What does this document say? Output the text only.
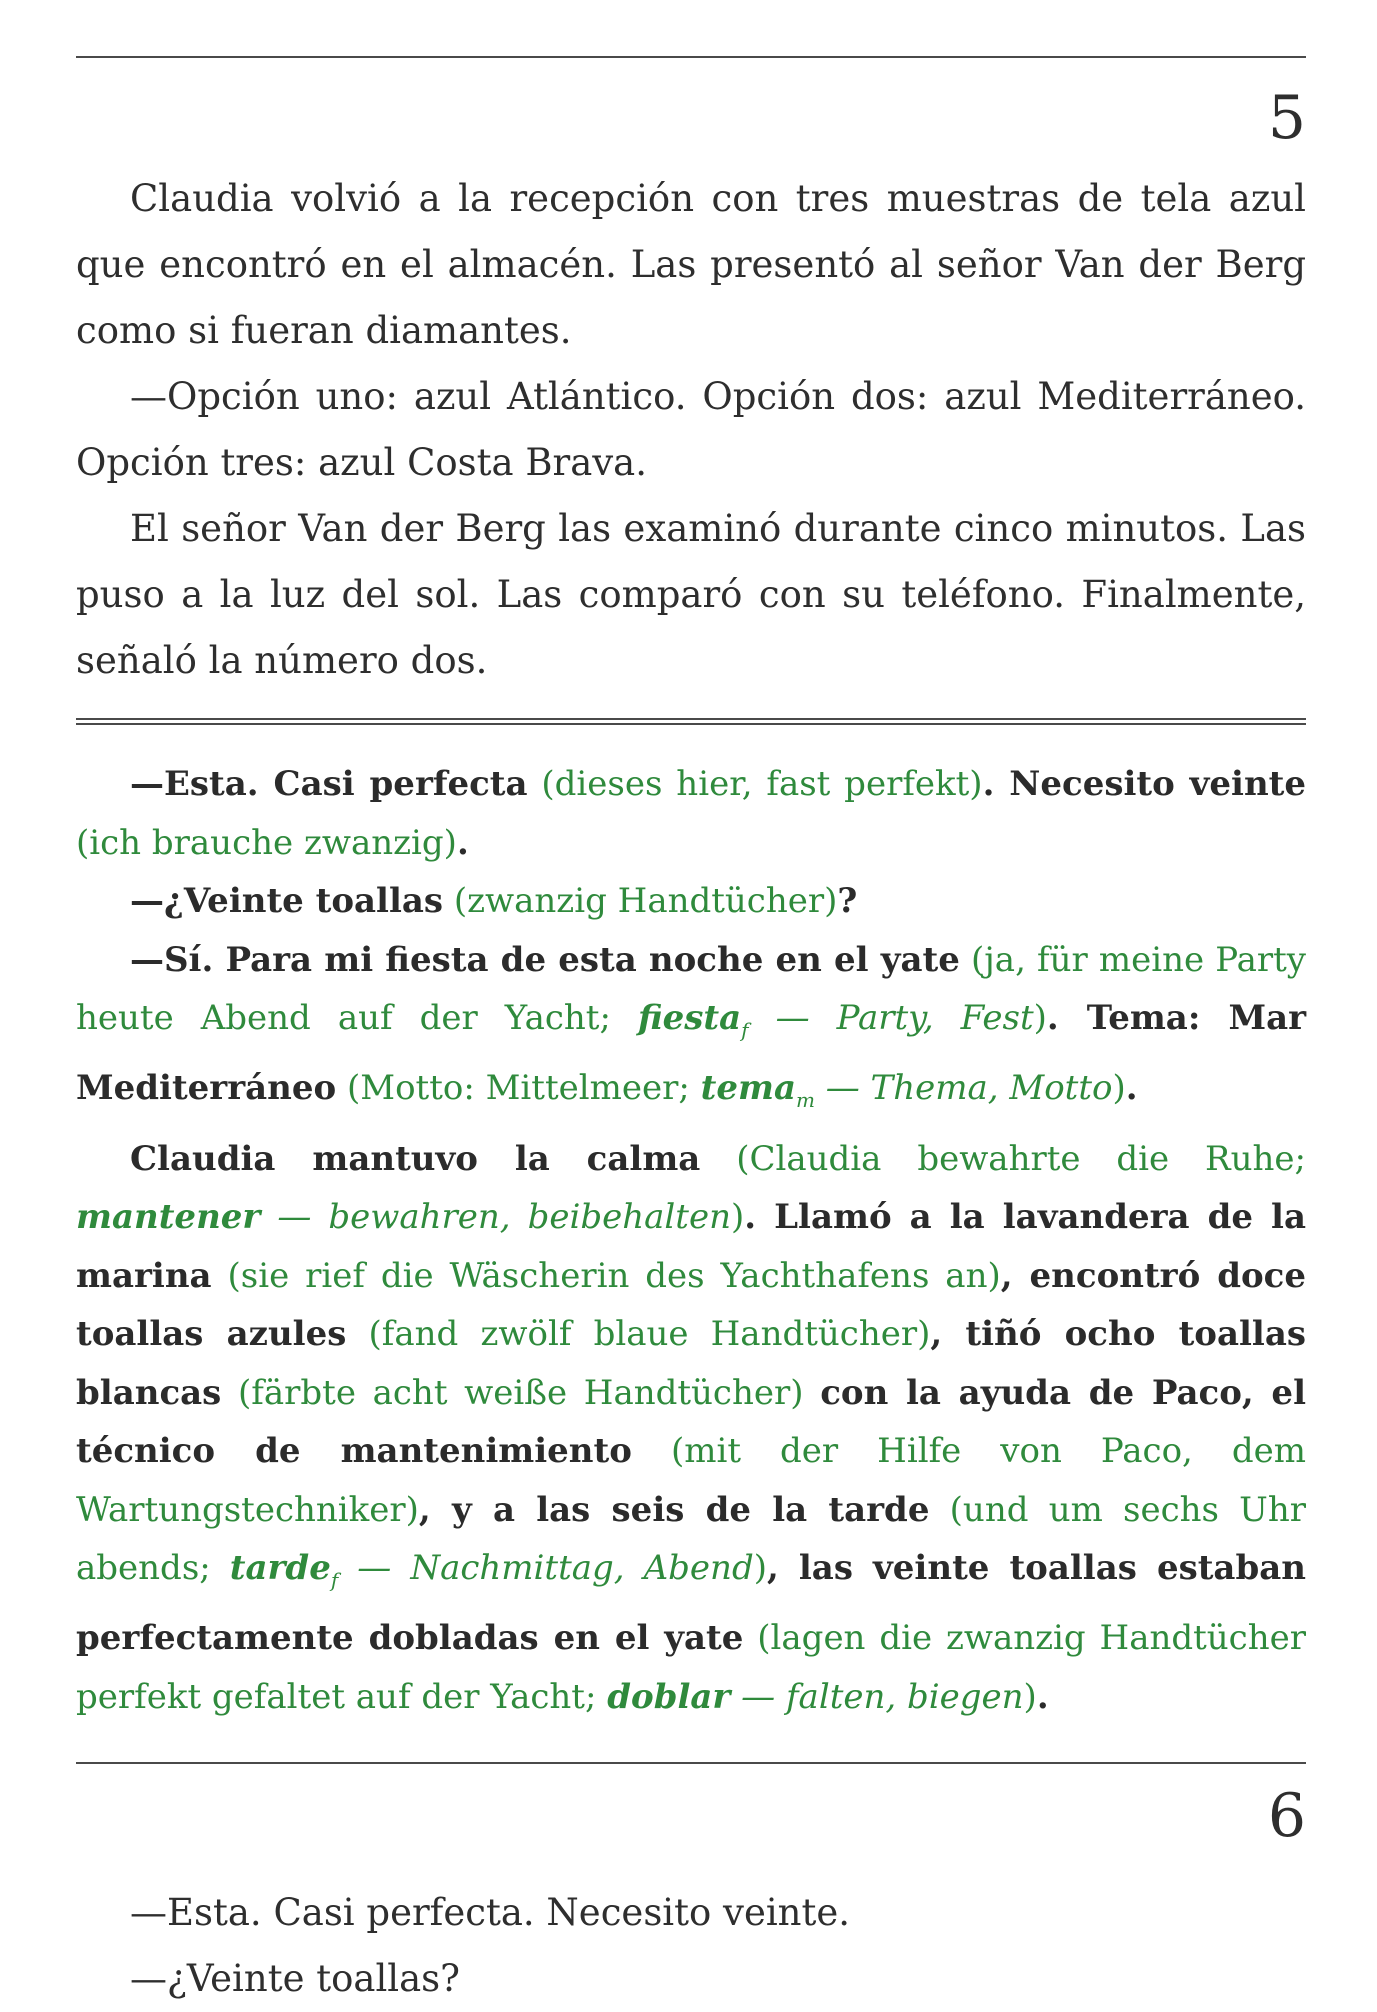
5

Claudia volvió a la recepción con tres muestras de tela azul que encontró en el almacén. Las presentó al señor Van der Berg como si fueran diamantes.

—Opción uno: azul Atlántico. Opción dos: azul Mediterráneo. Opción tres: azul Costa Brava.

El señor Van der Berg las examinó durante cinco minutos. Las puso a la luz del sol. Las comparó con su teléfono. Finalmente, señaló la número dos.

—Esta. Casi perfecta (dieses hier, fast perfekt). Necesito veinte (ich brauche zwanzig).

—¿Veinte toallas (zwanzig Handtücher)?

—Sí. Para mi fiesta de esta noche en el yate (ja, für meine Party heute Abend auf der Yacht; fiesta$_f$ — Party, Fest). Tema: Mar Mediterráneo (Motto: Mittelmeer; tema$_m$ — Thema, Motto).

Claudia mantuvo la calma (Claudia bewahrte die Ruhe; mantener — bewahren, beibehalten). Llamó a la lavandera de la marina (sie rief die Wäscherin des Yachthafens an), encontró doce toallas azules (fand zwölf blaue Handtücher), tiñó ocho toallas blancas (färbte acht weiße Handtücher) con la ayuda de Paco, el técnico de mantenimiento (mit der Hilfe von Paco, dem Wartungstechniker), y a las seis de la tarde (und um sechs Uhr abends; tarde$_f$ — Nachmittag, Abend), las veinte toallas estaban perfectamente dobladas en el yate (lagen die zwanzig Handtücher perfekt gefaltet auf der Yacht; doblar — falten, biegen).

6

—Esta. Casi perfecta. Necesito veinte.

—¿Veinte toallas?
